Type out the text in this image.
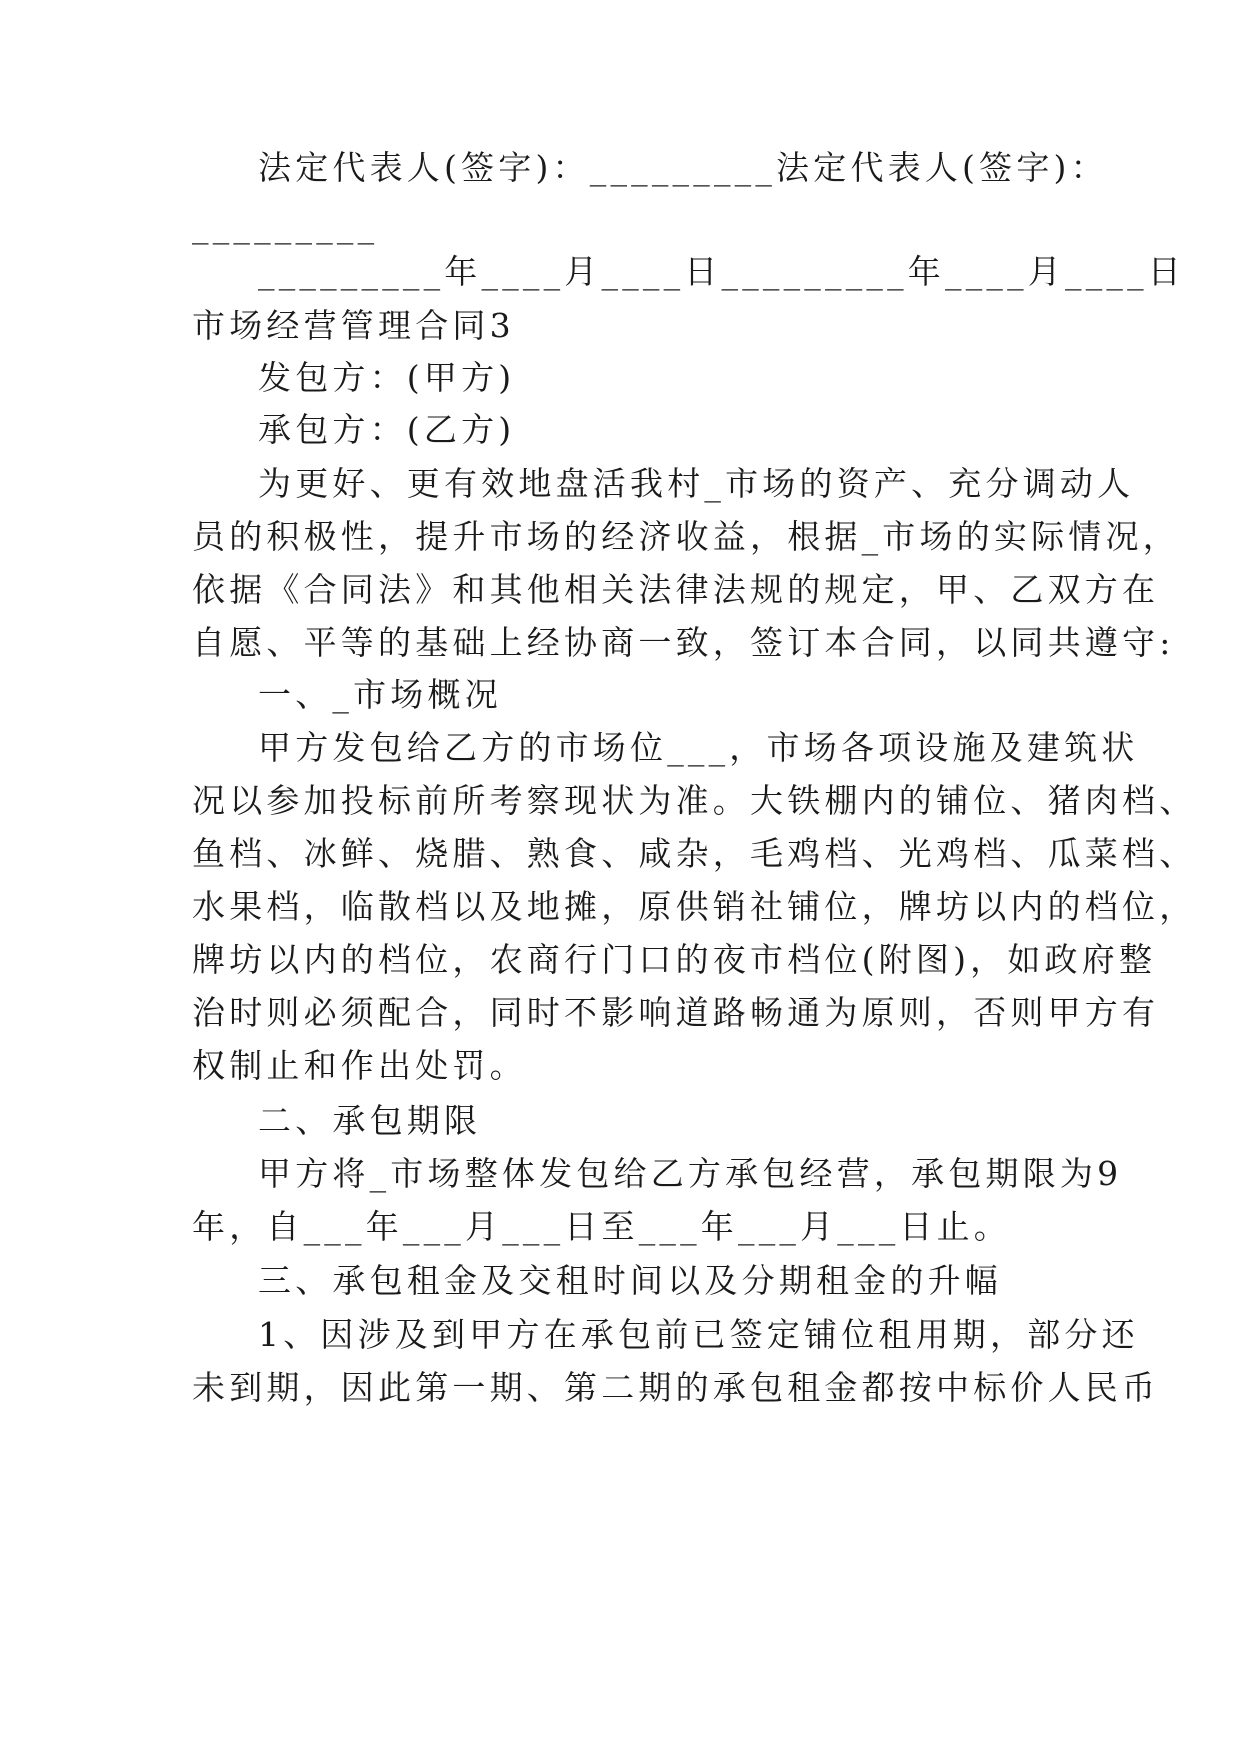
法定代表人(签字)：_________法定代表人(签字)：
_________
_________年____月____日_________年____月____日
市场经营管理合同3
发包方：(甲方)
承包方：(乙方)
为更好、更有效地盘活我村_市场的资产、充分调动人
员的积极性，提升市场的经济收益，根据_市场的实际情况，
依据《合同法》和其他相关法律法规的规定，甲、乙双方在
自愿、平等的基础上经协商一致，签订本合同，以同共遵守:
一、_市场概况
甲方发包给乙方的市场位___，市场各项设施及建筑状
况以参加投标前所考察现状为准。大铁棚内的铺位、猪肉档、
鱼档、冰鲜、烧腊、熟食、咸杂，毛鸡档、光鸡档、瓜菜档、
水果档，临散档以及地摊，原供销社铺位，牌坊以内的档位，
牌坊以内的档位，农商行门口的夜市档位(附图)，如政府整
治时则必须配合，同时不影响道路畅通为原则，否则甲方有
权制止和作出处罚。
二、承包期限
甲方将_市场整体发包给乙方承包经营，承包期限为9
年，自___年___月___日至___年___月___日止。
三、承包租金及交租时间以及分期租金的升幅
1、因涉及到甲方在承包前已签定铺位租用期，部分还
未到期，因此第一期、第二期的承包租金都按中标价人民币
